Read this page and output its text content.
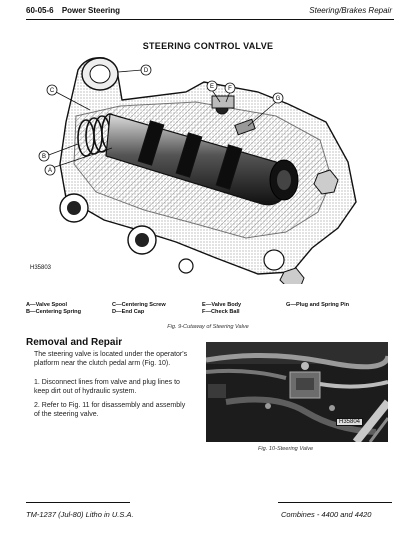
60-05-6 Power Steering	Steering/Brakes Repair
STEERING CONTROL VALVE
C
B
A
D
E F
G
H35803
A—Valve Spool
B—Centering Spring
C—Centering Screw
D—End Cap
E—Valve Body
F—Check Ball
G—Plug and Spring Pin
Fig. 9-Cutaway of Steering Valve
Removal and Repair
The steering valve is located under the operator's platform near the clutch pedal arm (Fig. 10).
1. Disconnect lines from valve and plug lines to keep dirt out of hydraulic system.
2. Refer to Fig. 11 for disassembly and assembly of the steering valve.
H35804
Fig. 10-Steering Valve
TM-1237 (Jul-80) Litho in U.S.A.	Combines - 4400 and 4420
